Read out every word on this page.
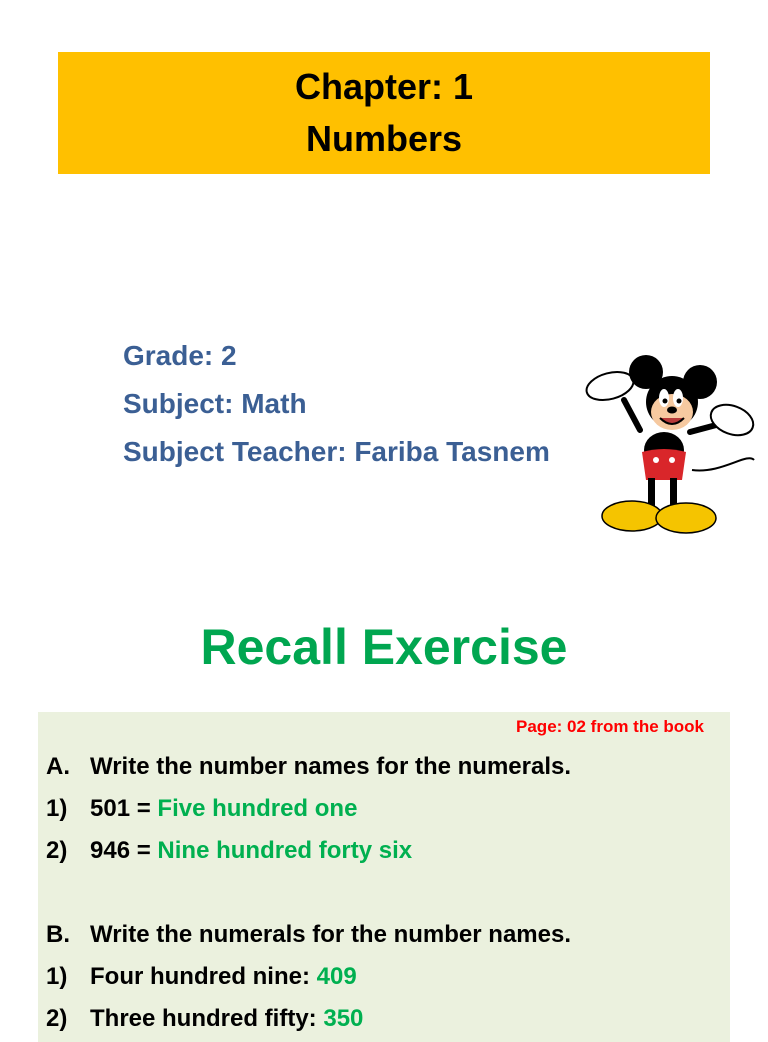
Chapter: 1
Numbers
Grade: 2
Subject: Math
Subject Teacher: Fariba Tasnem
Recall Exercise
Page: 02 from the book
A. Write the number names for the numerals.
1) 501 = Five hundred one
2) 946 = Nine hundred forty six
B. Write the numerals for the number names.
1) Four hundred nine: 409
2) Three hundred fifty: 350
